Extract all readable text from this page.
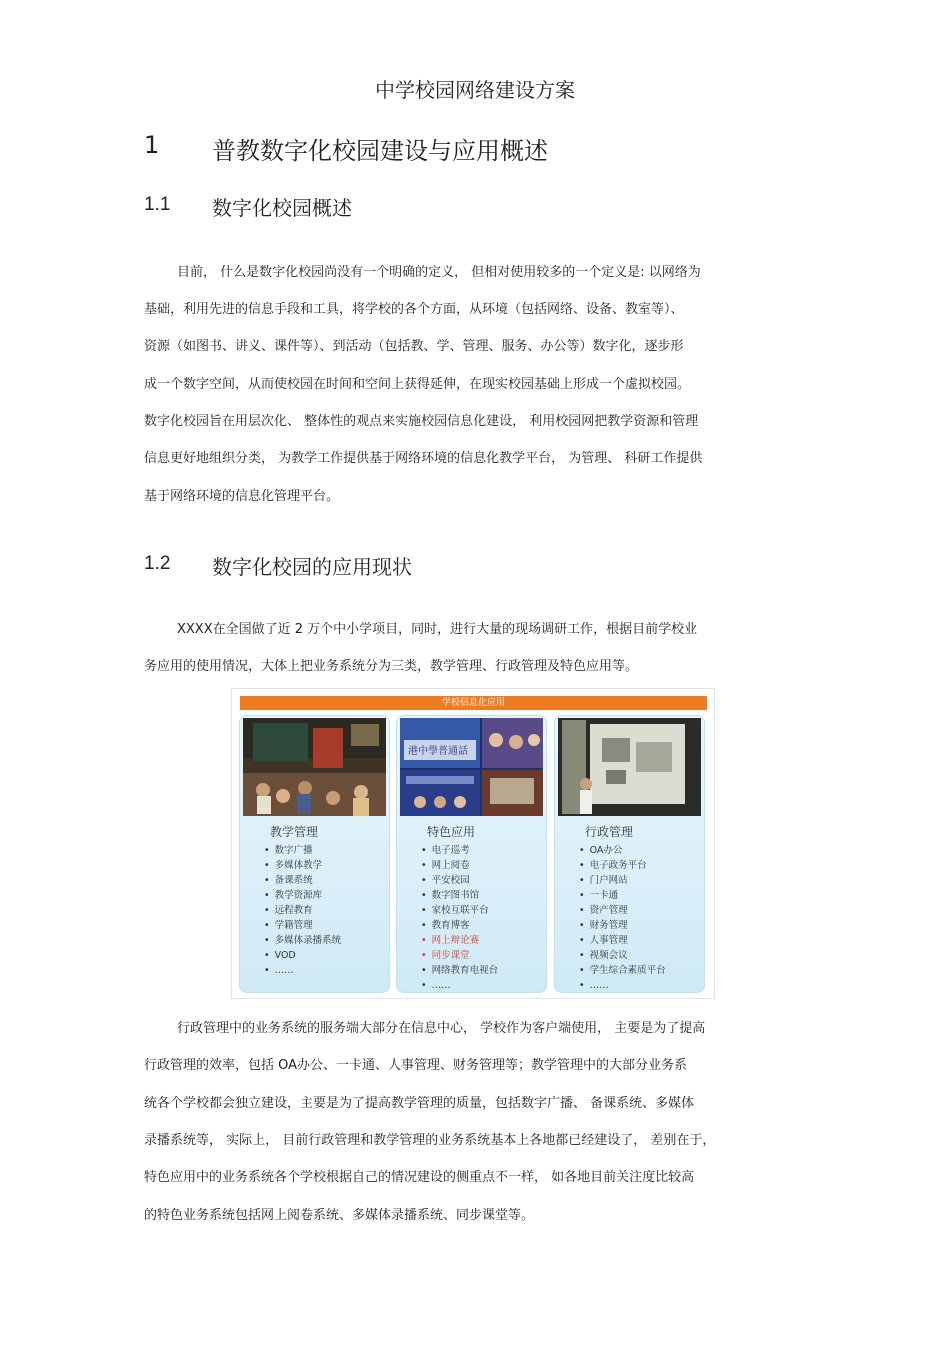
中学校园网络建设方案
1 普教数字化校园建设与应用概述
1.1 数字化校园概述
目前， 什么是数字化校园尚没有一个明确的定义， 但相对使用较多的一个定义是: 以网络为
基础，利用先进的信息手段和工具，将学校的各个方面，从环境（包括网络、设备、教室等）、
资源（如图书、讲义、课件等）、到活动（包括教、学、管理、服务、办公等）数字化，逐步形
成一个数字空间，从而使校园在时间和空间上获得延伸，在现实校园基础上形成一个虚拟校园。
数字化校园旨在用层次化、 整体性的观点来实施校园信息化建设， 利用校园网把教学资源和管理
信息更好地组织分类， 为教学工作提供基于网络环境的信息化教学平台， 为管理、 科研工作提供
基于网络环境的信息化管理平台。
1.2 数字化校园的应用现状
XXXX在全国做了近 2 万个中小学项目，同时，进行大量的现场调研工作，根据目前学校业
务应用的使用情况，大体上把业务系统分为三类，教学管理、行政管理及特色应用等。
学校信息化应用
教学管理
• 数字广播
• 多媒体教学
• 备课系统
• 教学资源库
• 远程教育
• 学籍管理
• 多媒体录播系统
• VOD
• ……
港中學普通話
特色应用
• 电子巡考
• 网上阅卷
• 平安校园
• 数字图书馆
• 家校互联平台
• 教育博客
• 网上辩论赛
• 同步课堂
• 网络教育电视台
• ……
行政管理
• OA办公
• 电子政务平台
• 门户网站
• 一卡通
• 资产管理
• 财务管理
• 人事管理
• 视频会议
• 学生综合素质平台
• ……
行政管理中的业务系统的服务端大部分在信息中心， 学校作为客户端使用， 主要是为了提高
行政管理的效率，包括 OA办公、一卡通、人事管理、财务管理等；教学管理中的大部分业务系
统各个学校都会独立建设，主要是为了提高教学管理的质量，包括数字广播、 备课系统、多媒体
录播系统等， 实际上， 目前行政管理和教学管理的业务系统基本上各地都已经建设了， 差别在于，
特色应用中的业务系统各个学校根据自己的情况建设的侧重点不一样， 如各地目前关注度比较高
的特色业务系统包括网上阅卷系统、多媒体录播系统、同步课堂等。
